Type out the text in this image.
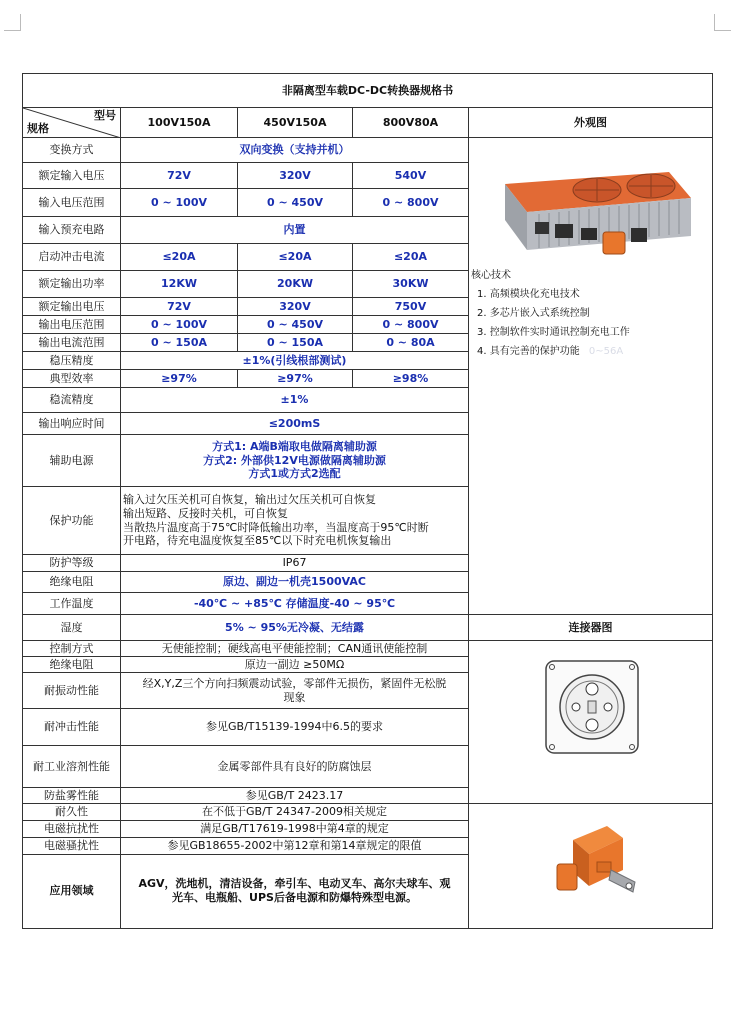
非隔离型车载DC-DC转换器规格书				

型号
规格	100V150A	450V150A	800V80A	外观图
变换方式	双向变换（支持并机）			核心技术
1. 高频模块化充电技术
2. 多芯片嵌入式系统控制
3. 控制软件实时通讯控制充电工作
4. 具有完善的保护功能 0~56A

额定输入电压	72V	320V	540V	
输入电压范围	0 ~ 100V	0 ~ 450V	0 ~ 800V	
输入预充电路	内置			
启动冲击电流	≤20A	≤20A	≤20A	
额定输出功率	12KW	20KW	30KW	
额定输出电压	72V	320V	750V	
输出电压范围	0 ~ 100V	0 ~ 450V	0 ~ 800V	
输出电流范围	0 ~ 150A	0 ~ 150A	0 ~ 80A	
稳压精度	±1%(引线根部测试)			
典型效率	≥97%	≥97%	≥98%	
稳流精度	±1%			
输出响应时间	≤200mS			
辅助电源	方式1: A端B端取电做隔离辅助源
方式2: 外部供12V电源做隔离辅助源
方式1或方式2选配			

保护功能	输入过欠压关机可自恢复，输出过欠压关机可自恢复
输出短路、反接时关机，可自恢复
当散热片温度高于75℃时降低输出功率，当温度高于95℃时断
开电路，待充电温度恢复至85℃以下时充电机恢复输出			

防护等级	IP67			
绝缘电阻	原边、副边一机壳1500VAC			
工作温度	-40℃ ~ +85℃ 存储温度-40 ~ 95℃			
湿度	5% ~ 95%无冷凝、无结露			连接器图
控制方式	无使能控制；硬线高电平使能控制；CAN通讯使能控制	
绝缘电阻	原边一副边 ≥50MΩ			
耐振动性能	经X,Y,Z三个方向扫频震动试验，零部件无损伤，紧固件无松脱
现象			

耐冲击性能	参见GB/T15139-1994中6.5的要求			
耐工业溶剂性能	金属零部件具有良好的防腐蚀层			
防盐雾性能	参见GB/T 2423.17			
耐久性	在不低于GB/T 24347-2009相关规定	
电磁抗扰性	满足GB/T17619-1998中第4章的规定			
电磁骚扰性	参见GB18655-2002中第12章和第14章规定的限值			
应用领域	AGV，洗地机，清洁设备，牵引车、电动叉车、高尔夫球车、观
光车、电瓶船、UPS后备电源和防爆特殊型电源。			
